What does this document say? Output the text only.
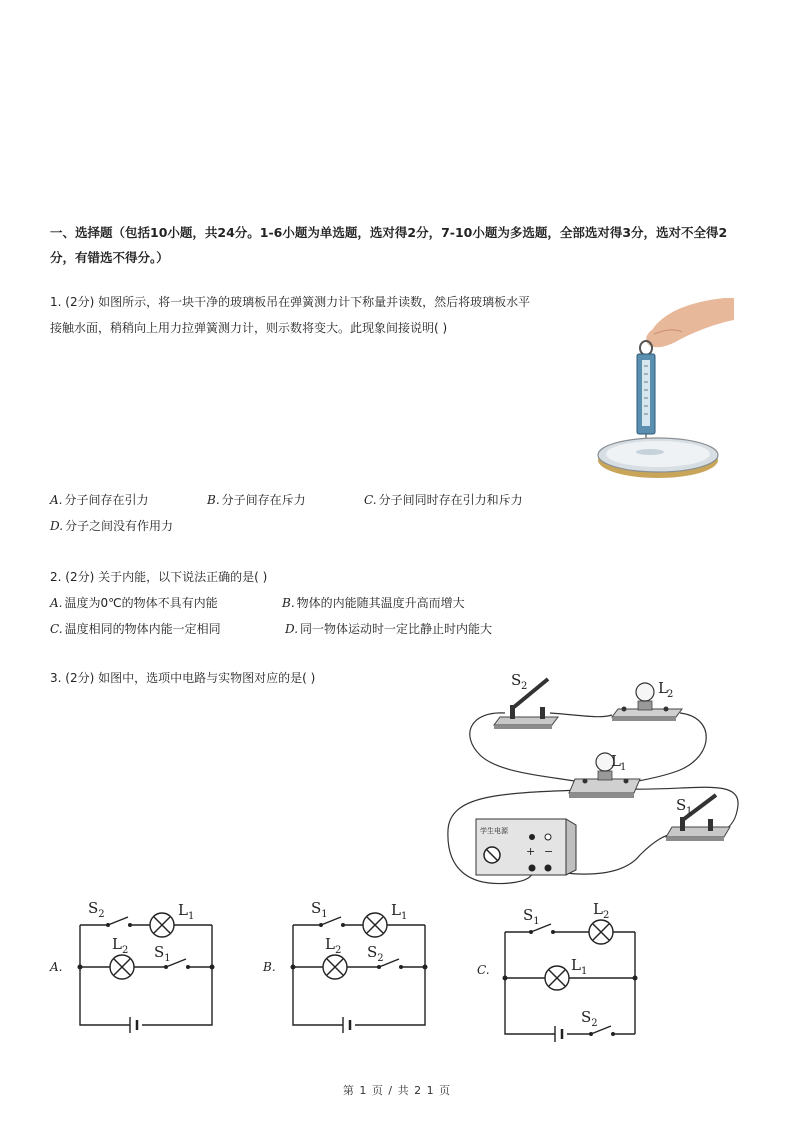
一、选择题（包括10小题，共24分。1-6小题为单选题，选对得2分，7-10小题为多选题，全部选对得3分，选对不全得2分，有错选不得分。）
1. (2分) 如图所示，将一块干净的玻璃板吊在弹簧测力计下称量并读数，然后将玻璃板水平
接触水面，稍稍向上用力拉弹簧测力计，则示数将变大。此现象间接说明( )
A. 分子间存在引力	B. 分子间存在斥力	C. 分子间同时存在引力和斥力
D. 分子之间没有作用力
2. (2分) 关于内能，以下说法正确的是( )
A. 温度为0℃的物体不具有内能	B. 物体的内能随其温度升高而增大
C. 温度相同的物体内能一定相同	D. 同一物体运动时一定比静止时内能大
3. (2分) 如图中，选项中电路与实物图对应的是( )	S 2	L 2
L 1
S 1
学生电源
+ −
A.
$S_2$	$L_1$
$L_2$ $S_1$
B.
$S_1$	$L_1$
$L_2$ $S_2$
C.
$S_1$
$L_2$
$L_1$
$S_2$
第 1 页 / 共 2 1 页
